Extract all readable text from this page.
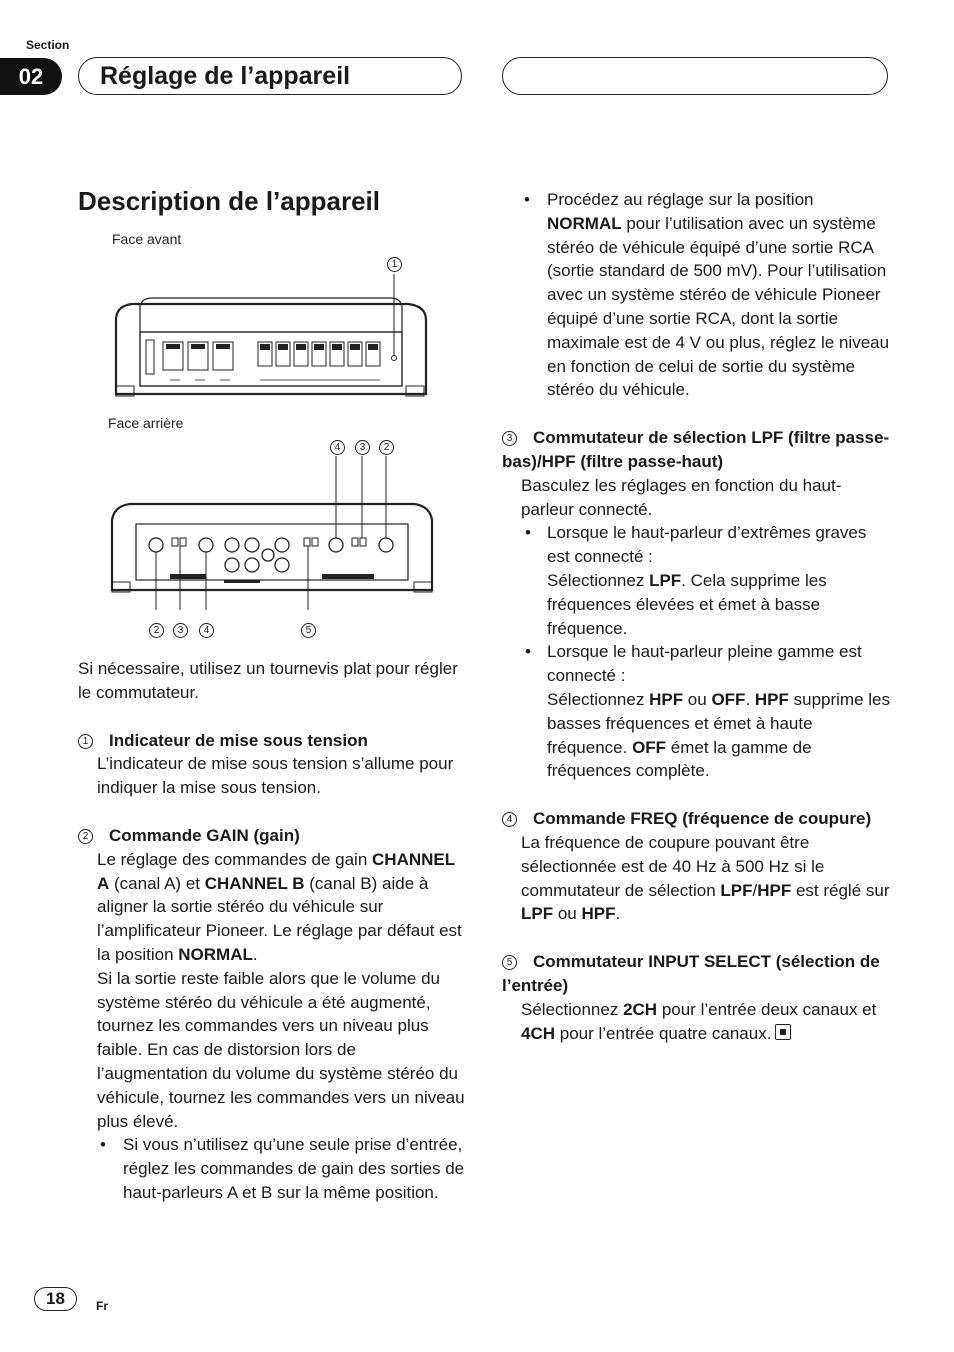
Section
02	Réglage de l’appareil
Description de l’appareil
Face avant
Face arrière
1
4	3	2
2	3	4	5

Si nécessaire, utilisez un tournevis plat pour régler le commutateur.

1 Indicateur de mise sous tension

L’indicateur de mise sous tension s’allume pour indiquer la mise sous tension.

2 Commande GAIN (gain)

Le réglage des commandes de gain CHANNEL A (canal A) et CHANNEL B (canal B) aide à aligner la sortie stéréo du véhicule sur l’amplificateur Pioneer. Le réglage par défaut est la position NORMAL.

Si la sortie reste faible alors que le volume du système stéréo du véhicule a été augmenté, tournez les commandes vers un niveau plus faible. En cas de distorsion lors de l’augmentation du volume du système stéréo du véhicule, tournez les commandes vers un niveau plus élevé.

• Si vous n’utilisez qu’une seule prise d’entrée, réglez les commandes de gain des sorties de haut-parleurs A et B sur la même position.

• Procédez au réglage sur la position NORMAL pour l’utilisation avec un système stéréo de véhicule équipé d’une sortie RCA (sortie standard de 500 mV). Pour l’utilisation avec un système stéréo de véhicule Pioneer équipé d’une sortie RCA, dont la sortie maximale est de 4 V ou plus, réglez le niveau en fonction de celui de sortie du système stéréo du véhicule.

3 Commutateur de sélection LPF (filtre passe-bas)/HPF (filtre passe-haut)

Basculez les réglages en fonction du haut-parleur connecté.

• Lorsque le haut-parleur d’extrêmes graves est connecté :
Sélectionnez LPF. Cela supprime les fréquences élevées et émet à basse fréquence.

• Lorsque le haut-parleur pleine gamme est connecté :
Sélectionnez HPF ou OFF. HPF supprime les basses fréquences et émet à haute fréquence. OFF émet la gamme de fréquences complète.

4 Commande FREQ (fréquence de coupure)

La fréquence de coupure pouvant être sélectionnée est de 40 Hz à 500 Hz si le commutateur de sélection LPF/HPF est réglé sur LPF ou HPF.

5 Commutateur INPUT SELECT (sélection de l’entrée)

Sélectionnez 2CH pour l’entrée deux canaux et 4CH pour l’entrée quatre canaux.

18	Fr
